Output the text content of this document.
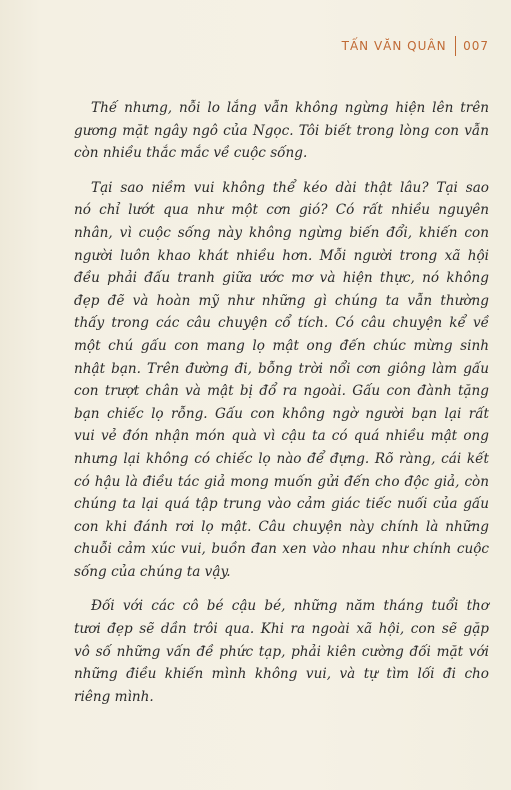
TẤN VĂN QUÂN 007

Thế nhưng, nỗi lo lắng vẫn không ngừng hiện lên trên
gương mặt ngây ngô của Ngọc. Tôi biết trong lòng con vẫn
còn nhiều thắc mắc về cuộc sống.

Tại sao niềm vui không thể kéo dài thật lâu? Tại sao
nó chỉ lướt qua như một cơn gió? Có rất nhiều nguyên
nhân, vì cuộc sống này không ngừng biến đổi, khiến con
người luôn khao khát nhiều hơn. Mỗi người trong xã hội
đều phải đấu tranh giữa ước mơ và hiện thực, nó không
đẹp đẽ và hoàn mỹ như những gì chúng ta vẫn thường
thấy trong các câu chuyện cổ tích. Có câu chuyện kể về
một chú gấu con mang lọ mật ong đến chúc mừng sinh
nhật bạn. Trên đường đi, bỗng trời nổi cơn giông làm gấu
con trượt chân và mật bị đổ ra ngoài. Gấu con đành tặng
bạn chiếc lọ rỗng. Gấu con không ngờ người bạn lại rất
vui vẻ đón nhận món quà vì cậu ta có quá nhiều mật ong
nhưng lại không có chiếc lọ nào để đựng. Rõ ràng, cái kết
có hậu là điều tác giả mong muốn gửi đến cho độc giả, còn
chúng ta lại quá tập trung vào cảm giác tiếc nuối của gấu
con khi đánh rơi lọ mật. Câu chuyện này chính là những
chuỗi cảm xúc vui, buồn đan xen vào nhau như chính cuộc
sống của chúng ta vậy.

Đối với các cô bé cậu bé, những năm tháng tuổi thơ
tươi đẹp sẽ dần trôi qua. Khi ra ngoài xã hội, con sẽ gặp
vô số những vấn đề phức tạp, phải kiên cường đối mặt với
những điều khiến mình không vui, và tự tìm lối đi cho
riêng mình.
